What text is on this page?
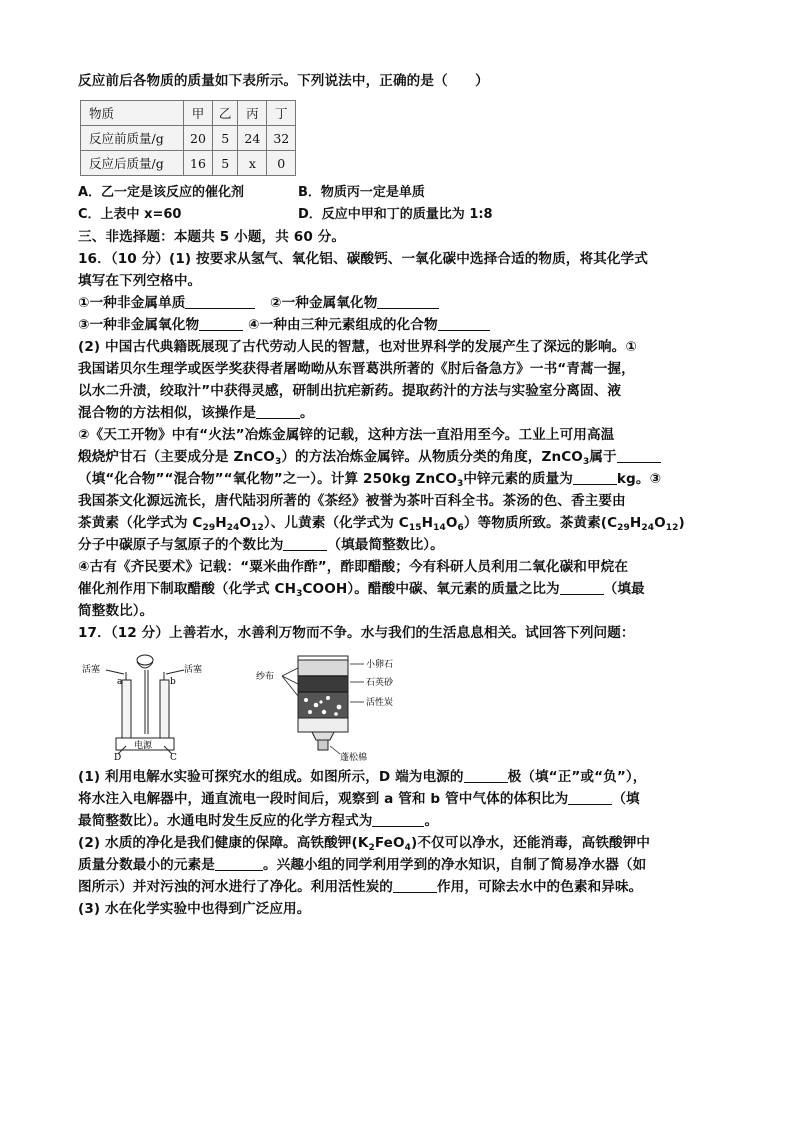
反应前后各物质的质量如下表所示。下列说法中，正确的是（　　）
物质	甲	乙	丙	丁
反应前质量/g	20	5	24	32
反应后质量/g	16	5	x	0
A．乙一定是该反应的催化剂	B．物质丙一定是单质
C．上表中 x=60	D．反应中甲和丁的质量比为 1:8
三、非选择题：本题共 5 小题，共 60 分。
16．（10 分）(1) 按要求从氢气、氧化铝、碳酸钙、一氧化碳中选择合适的物质，将其化学式
填写在下列空格中。
①一种非金属单质	②一种金属氧化物
③一种非金属氧化物	④一种由三种元素组成的化合物
(2) 中国古代典籍既展现了古代劳动人民的智慧，也对世界科学的发展产生了深远的影响。①
我国诺贝尔生理学或医学奖获得者屠呦呦从东晋葛洪所著的《肘后备急方》一书“青蒿一握，
以水二升渍，绞取汁”中获得灵感，研制出抗疟新药。提取药汁的方法与实验室分离固、液
混合物的方法相似，该操作是	。
②《天工开物》中有“火法”冶炼金属锌的记载，这种方法一直沿用至今。工业上可用高温
煅烧炉甘石（主要成分是 ZnCO$_3$）的方法冶炼金属锌。从物质分类的角度，ZnCO$_3$属于
（填“化合物”“混合物”“氧化物”之一）。计算 250kg ZnCO$_3$中锌元素的质量为	kg。③
我国茶文化源远流长，唐代陆羽所著的《茶经》被誉为茶叶百科全书。茶汤的色、香主要由
茶黄素（化学式为 $C_{29}H_{24}O_{12}$）、儿黄素（化学式为 $C_{15}H_{14}O_6$）等物质所致。茶黄素$(C_{29}H_{24}O_{12})$
分子中碳原子与氢原子的个数比为	（填最简整数比）。
④古有《齐民要术》记载：“粟米曲作酢”，酢即醋酸；今有科研人员利用二氧化碳和甲烷在
催化剂作用下制取醋酸（化学式 $CH_3COOH$）。醋酸中碳、氧元素的质量之比为	（填最
简整数比）。
17．（12 分）上善若水，水善利万物而不争。水与我们的生活息息相关。试回答下列问题：
活塞	活塞
a	b
电源
D	C
小卵石
石英砂
活性炭
纱布
蓬松棉
(1) 利用电解水实验可探究水的组成。如图所示，D 端为电源的	极（填“正”或“负”），
将水注入电解器中，通直流电一段时间后，观察到 a 管和 b 管中气体的体积比为	（填
最简整数比）。水通电时发生反应的化学方程式为	。
(2) 水质的净化是我们健康的保障。高铁酸钾$(K_2FeO_4)$不仅可以净水，还能消毒，高铁酸钾中
质量分数最小的元素是	。兴趣小组的同学利用学到的净水知识，自制了简易净水器（如
图所示）并对污浊的河水进行了净化。利用活性炭的	作用，可除去水中的色素和异味。
(3) 水在化学实验中也得到广泛应用。
